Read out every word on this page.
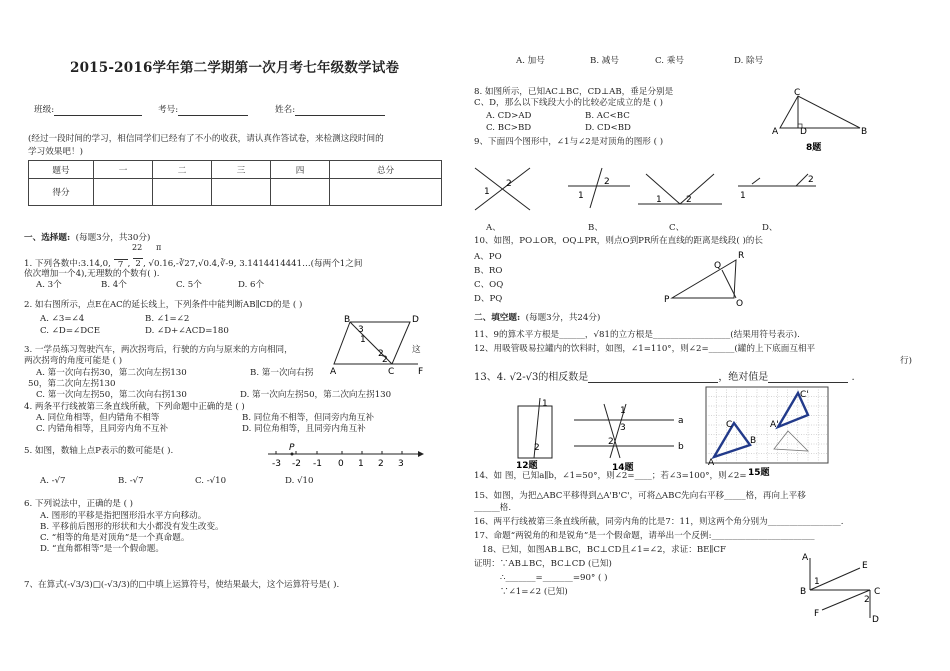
2015-2016学年第二学期第一次月考七年级数学试卷
班级:	考号:	姓名:
(经过一段时间的学习，相信同学们已经有了不小的收获，请认真作答试卷，来检测这段时间的
学习效果吧！)
题号	一	二	三	四	总分
得分					
一、选择题: (每题3分，共30分)
22 π
1. 下列各数中:3.14,0, 7 , 2 , √0.16,-∛27,√0.4,∛-9, 3.1414414441…(每两个1之间
依次增加一个4),无理数的个数有( ).
A. 3个	B. 4个	C. 5个	D. 6个
2. 如右图所示，点E在AC的延长线上，下列条件中能判断AB∥CD的是 ( )
A. ∠3=∠4	B. ∠1=∠2
C. ∠D=∠DCE	D. ∠D+∠ACD=180
B	D
A	C	F
3
2
2
1
3. 一学员练习驾驶汽车，两次拐弯后，行驶的方向与原来的方向相同，	这
两次拐弯的角度可能是 ( )
A. 第一次向右拐30，第二次向左拐130	B. 第一次向右拐
50，第二次向左拐130
C. 第一次向左拐50，第二次向右拐130	D. 第一次向左拐50，第二次向左拐130
4. 两条平行线被第三条直线所截，下列命题中正确的是 ( )
A. 同位角相等，但内错角不相等	B. 同位角不相等，但同旁内角互补
C. 内错角相等，且同旁内角不互补	D. 同位角相等，且同旁内角互补
5. 如图，数轴上点P表示的数可能是( ).
A. -√7	B. -√7	C. -√10	D. √10
P
-3 -2 -1 0 1 2 3
6. 下列说法中，正确的是 ( )
A. 图形的平移是指把图形沿水平方向移动。
B. 平移前后图形的形状和大小都没有发生改变。
C. “相等的角是对顶角”是一个真命题。
D. “直角都相等”是一个假命题。
7、在算式(-√3/3)□(-√3/3)的□中填上运算符号，使结果最大，这个运算符号是( ).
A. 加号	B. 减号	C. 乘号	D. 除号
8. 如图所示，已知AC⊥BC，CD⊥AB，垂足分别是
C、D，那么以下线段大小的比较必定成立的是 ( )
A. CD>AD	B. AC<BC
C. BC>BD	D. CD<BD
C
A D	B
8题
9、下面四个图形中，∠1与∠2是对顶角的图形 ( )
1
2
1
2
1	2	1
2
A、	B、	C、	D、
10、如图，PO⊥OR，OQ⊥PR，则点O到PR所在直线的距离是线段( )的长
A、PO
B、RO
C、OQ
D、PQ	P	O
Q
R
二、填空题: (每题3分，共24分)
11、9的算术平方根是______，√81的立方根是__________________(结果用符号表示).
12、用吸管吸易拉罐内的饮料时，如图，∠1=110°，则∠2=______(罐的上下底面互相平
行)
13、4. √2-√3的相反数是	，绝对值是	.
1
2
12题
1
3
2
a
b
14题	A
C
B
A'
C'
15题
14、如 图，已知a∥b，∠1=50°，则∠2=____；若∠3=100°，则∠2=
15、如图，为把△ABC平移得到△A'B'C'，可将△ABC先向右平移_____格，再向上平移
______格.
16、两平行线被第三条直线所截，同旁内角的比是7：11，则这两个角分别为_________________.
17、命题“两锐角的和是锐角”是一个假命题，请举出一个反例:________________________
18、已知，如图AB⊥BC，BC⊥CD且∠1=∠2，求证：BE∥CF
证明：∵AB⊥BC，BC⊥CD (已知)
∴_______=_______=90° ( )
∵∠1=∠2 (已知)
A
B	C
D
E
F
1
2
